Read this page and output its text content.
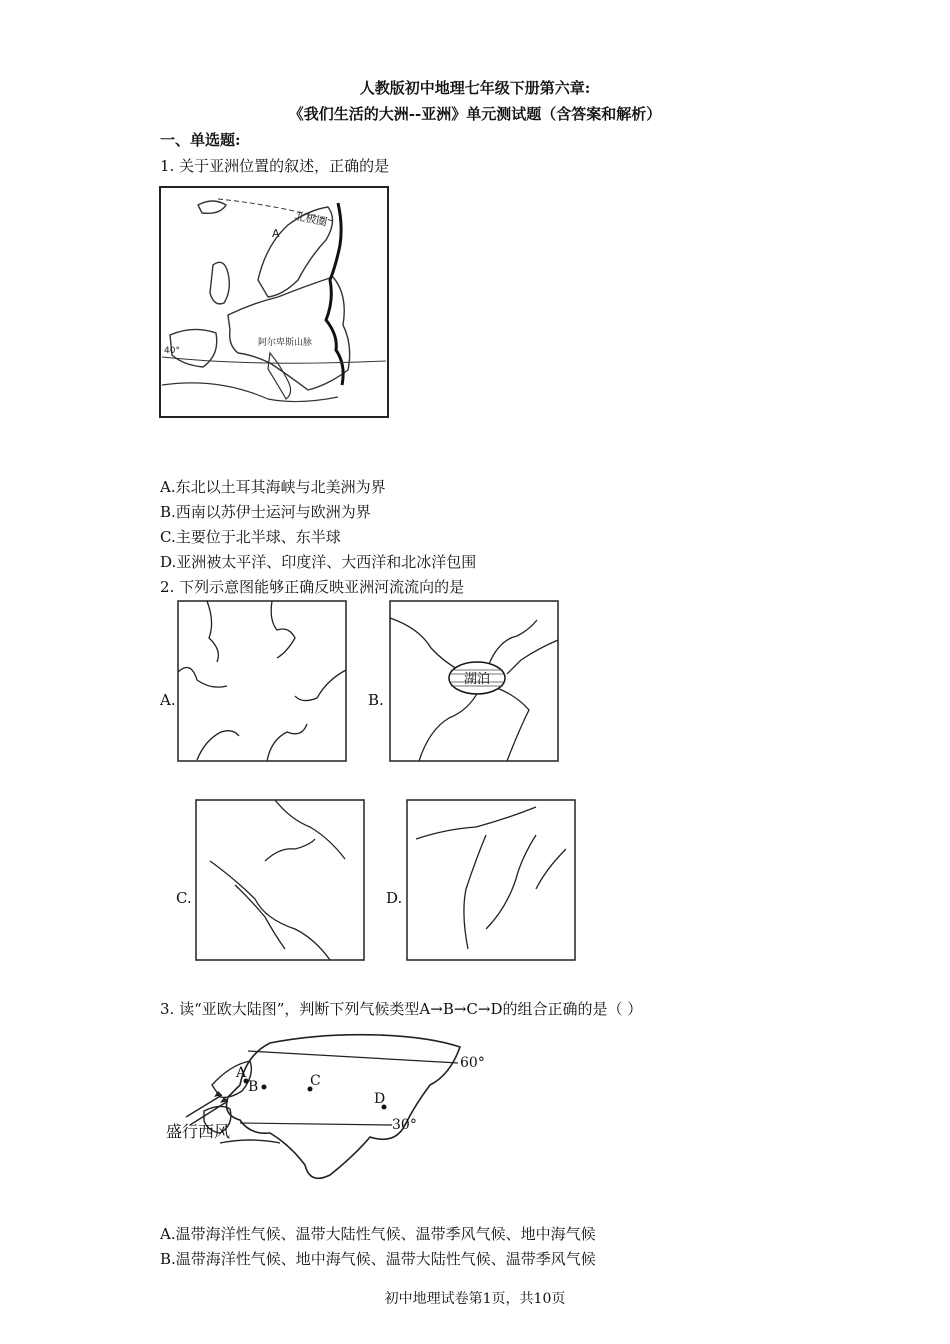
人教版初中地理七年级下册第六章:
《我们生活的大洲--亚洲》单元测试题（含答案和解析）
一、单选题:
1. 关于亚洲位置的叙述，正确的是
北极圈
A
阿尔卑斯山脉
40°
A.东北以土耳其海峡与北美洲为界
B.西南以苏伊士运河与欧洲为界
C.主要位于北半球、东半球
D.亚洲被太平洋、印度洋、大西洋和北冰洋包围
2. 下列示意图能够正确反映亚洲河流流向的是
A.	B.
湖泊
C.	D.
3. 读“亚欧大陆图”，判断下列气候类型A→B→C→D的组合正确的是（ ）
A
B	C
D
60°
30°
盛行西风
A.温带海洋性气候、温带大陆性气候、温带季风气候、地中海气候
B.温带海洋性气候、地中海气候、温带大陆性气候、温带季风气候
初中地理试卷第1页，共10页
